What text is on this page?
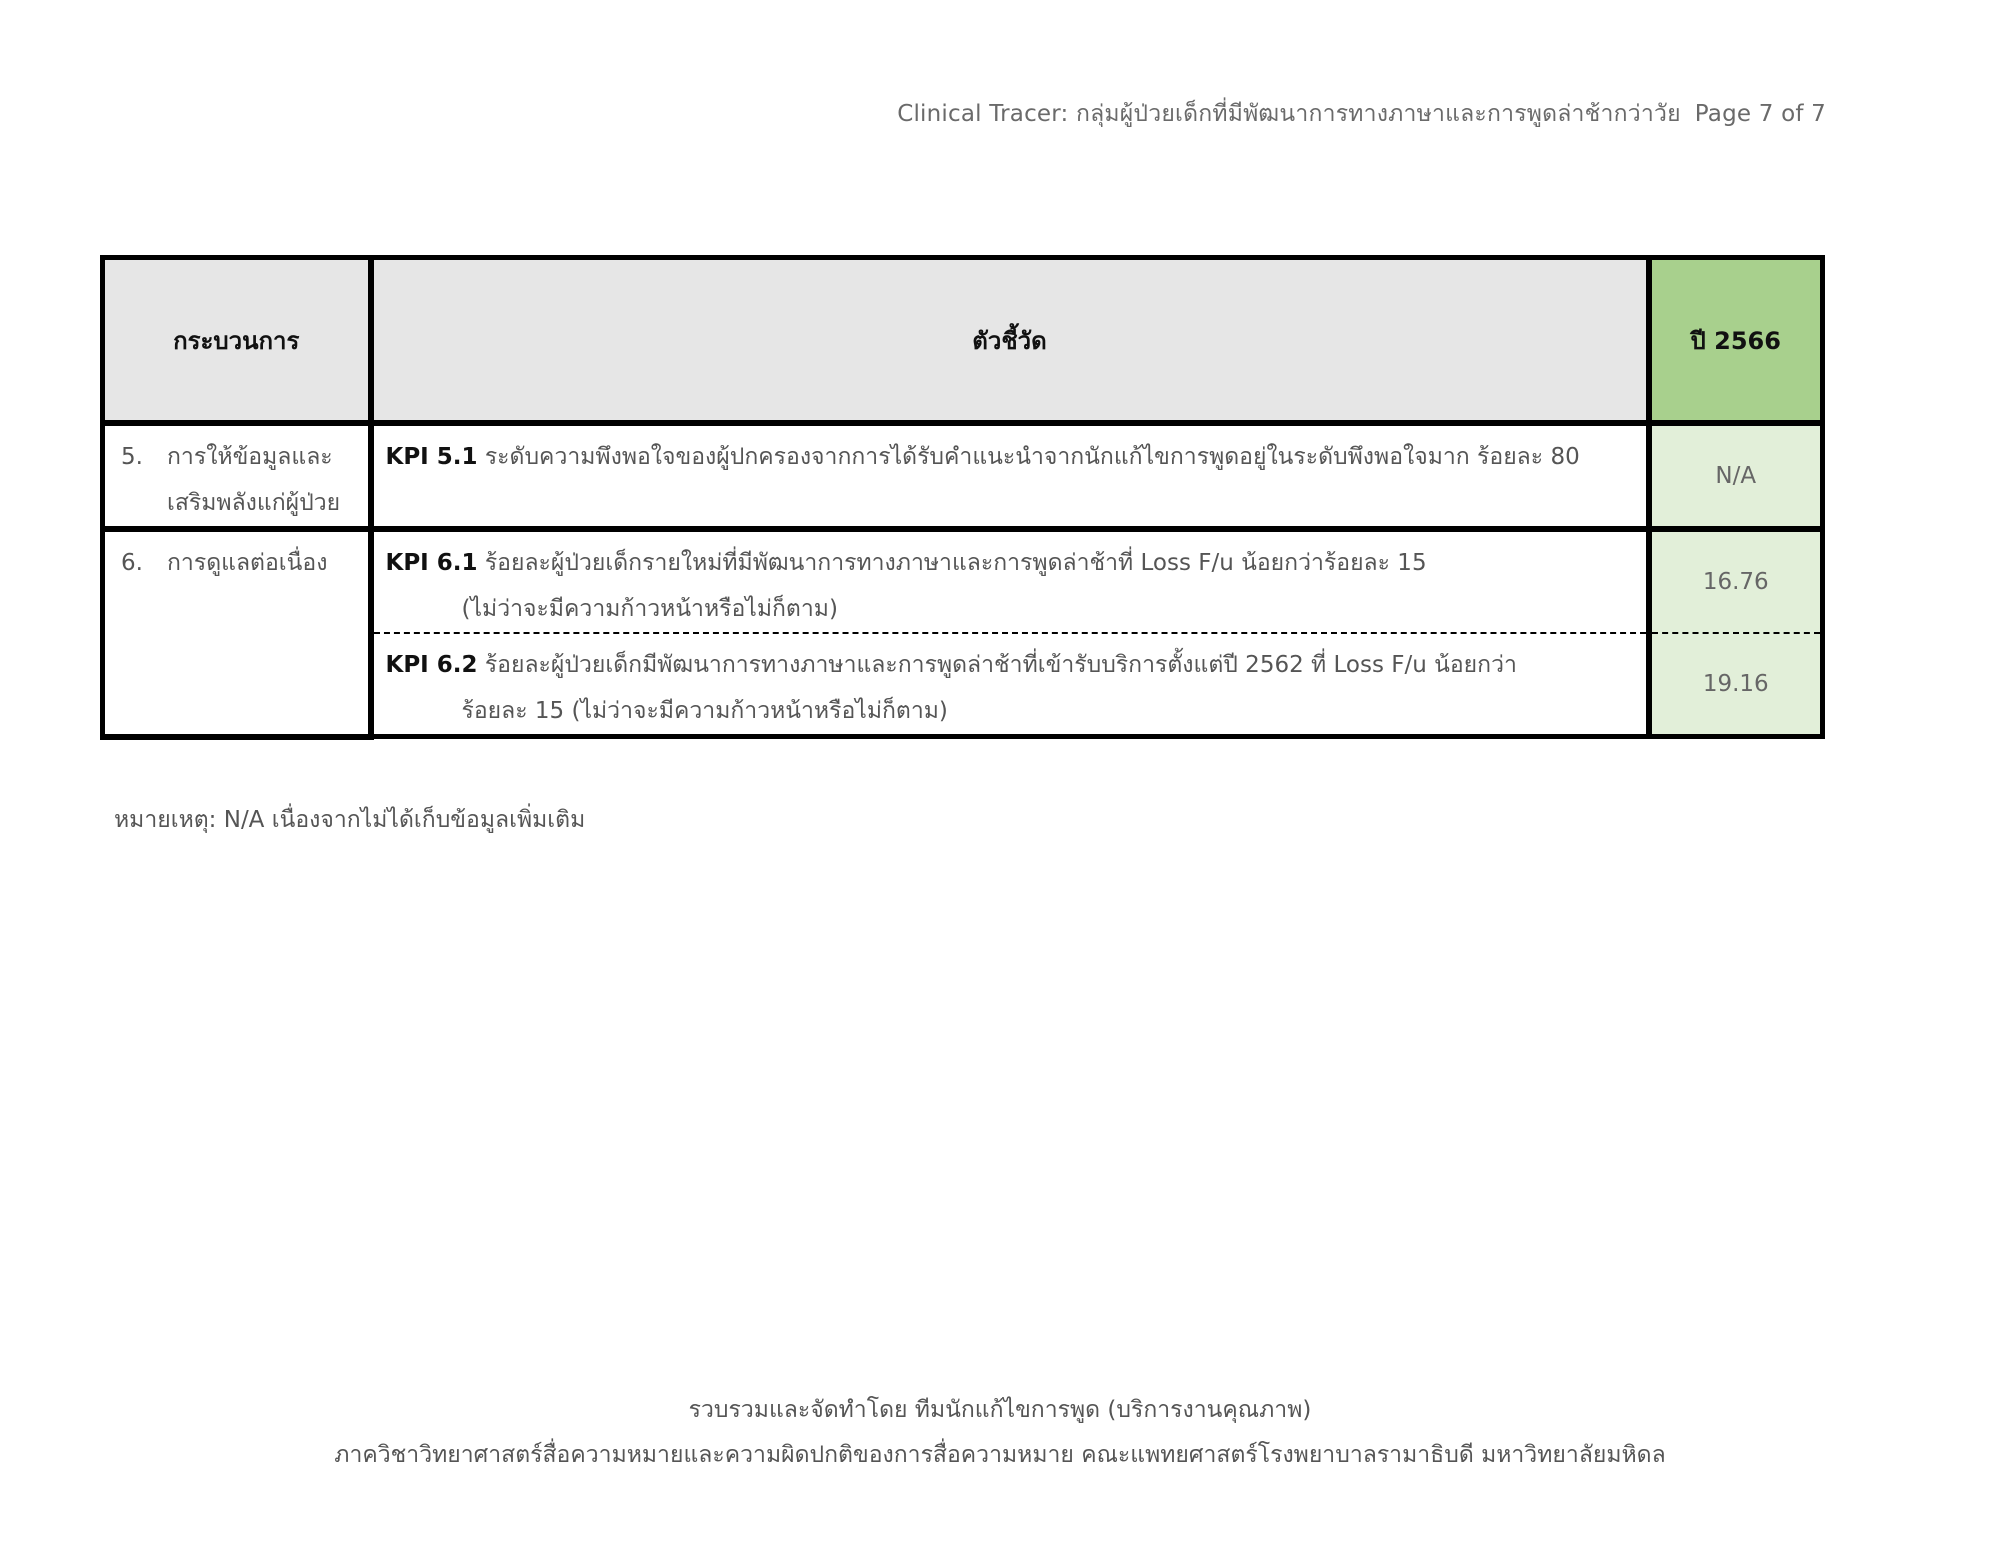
Clinical Tracer: กลุ่มผู้ป่วยเด็กที่มีพัฒนาการทางภาษาและการพูดล่าช้ากว่าวัย Page 7 of 7
กระบวนการ	ตัวชี้วัด	ปี 2566

5. การให้ข้อมูลและ
เสริมพลังแก่ผู้ป่วย	KPI 5.1 ระดับความพึงพอใจของผู้ปกครองจากการได้รับคำแนะนำจากนักแก้ไขการพูดอยู่ในระดับพึงพอใจมาก ร้อยละ 80	N/A

6. การดูแลต่อเนื่อง	KPI 6.1 ร้อยละผู้ป่วยเด็กรายใหม่ที่มีพัฒนาการทางภาษาและการพูดล่าช้าที่ Loss F/u น้อยกว่าร้อยละ 15
(ไม่ว่าจะมีความก้าวหน้าหรือไม่ก็ตาม)	16.76

	KPI 6.2 ร้อยละผู้ป่วยเด็กมีพัฒนาการทางภาษาและการพูดล่าช้าที่เข้ารับบริการตั้งแต่ปี 2562 ที่ Loss F/u น้อยกว่า
ร้อยละ 15 (ไม่ว่าจะมีความก้าวหน้าหรือไม่ก็ตาม)	19.16
หมายเหตุ: N/A เนื่องจากไม่ได้เก็บข้อมูลเพิ่มเติม
รวบรวมและจัดทำโดย ทีมนักแก้ไขการพูด (บริการงานคุณภาพ)
ภาควิชาวิทยาศาสตร์สื่อความหมายและความผิดปกติของการสื่อความหมาย คณะแพทยศาสตร์โรงพยาบาลรามาธิบดี มหาวิทยาลัยมหิดล
